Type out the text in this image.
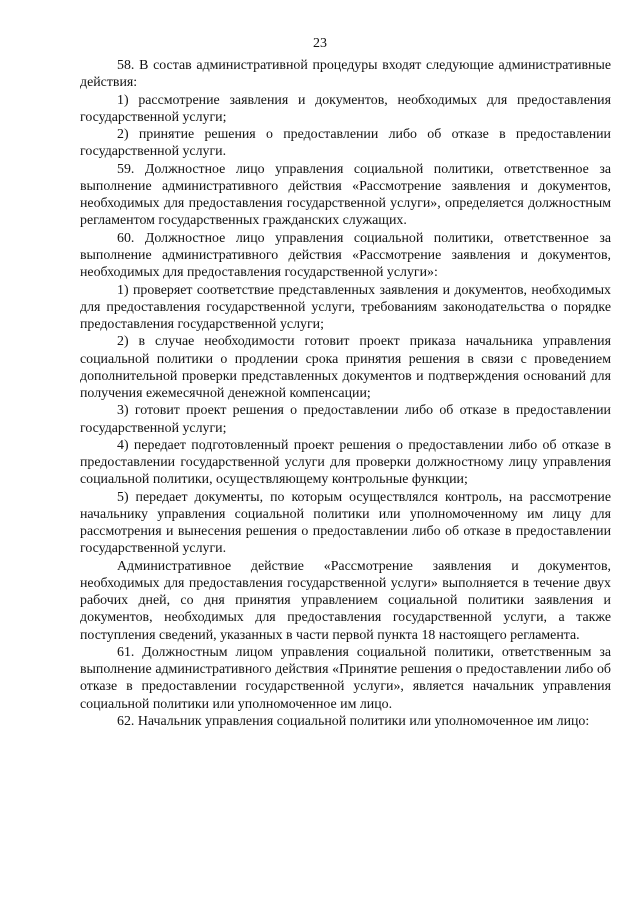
23

58. В состав административной процедуры входят следующие административные действия:

1) рассмотрение заявления и документов, необходимых для предоставления государственной услуги;

2) принятие решения о предоставлении либо об отказе в предоставлении государственной услуги.

59. Должностное лицо управления социальной политики, ответственное за выполнение административного действия «Рассмотрение заявления и документов, необходимых для предоставления государственной услуги», определяется должностным регламентом государственных гражданских служащих.

60. Должностное лицо управления социальной политики, ответственное за выполнение административного действия «Рассмотрение заявления и документов, необходимых для предоставления государственной услуги»:

1) проверяет соответствие представленных заявления и документов, необходимых для предоставления государственной услуги, требованиям законодательства о порядке предоставления государственной услуги;

2) в случае необходимости готовит проект приказа начальника управления социальной политики о продлении срока принятия решения в связи с проведением дополнительной проверки представленных документов и подтверждения оснований для получения ежемесячной денежной компенсации;

3) готовит проект решения о предоставлении либо об отказе в предоставлении государственной услуги;

4) передает подготовленный проект решения о предоставлении либо об отказе в предоставлении государственной услуги для проверки должностному лицу управления социальной политики, осуществляющему контрольные функции;

5) передает документы, по которым осуществлялся контроль, на рассмотрение начальнику управления социальной политики или уполномоченному им лицу для рассмотрения и вынесения решения о предоставлении либо об отказе в предоставлении государственной услуги.

Административное действие «Рассмотрение заявления и документов, необходимых для предоставления государственной услуги» выполняется в течение двух рабочих дней, со дня принятия управлением социальной политики заявления и документов, необходимых для предоставления государственной услуги, а также поступления сведений, указанных в части первой пункта 18 настоящего регламента.

61. Должностным лицом управления социальной политики, ответственным за выполнение административного действия «Принятие решения о предоставлении либо об отказе в предоставлении государственной услуги», является начальник управления социальной политики или уполномоченное им лицо.

62. Начальник управления социальной политики или уполномоченное им лицо:
